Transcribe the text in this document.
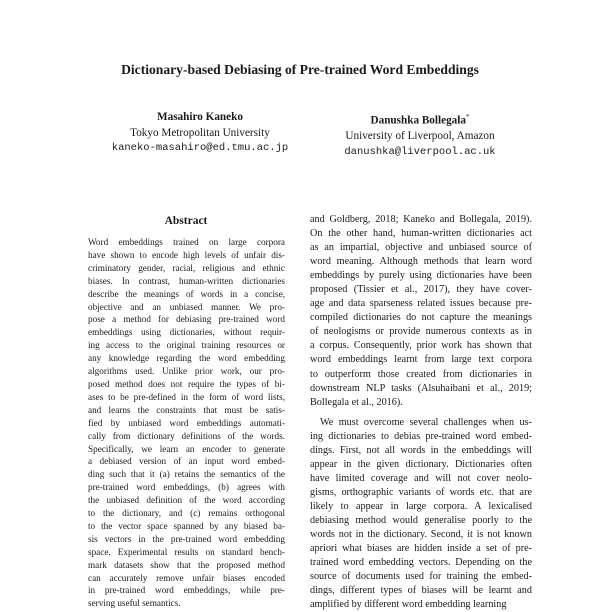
Dictionary-based Debiasing of Pre-trained Word Embeddings
Masahiro Kaneko
Tokyo Metropolitan University
kaneko-masahiro@ed.tmu.ac.jp
Danushka Bollegala*
University of Liverpool, Amazon
danushka@liverpool.ac.uk
Abstract
Word embeddings trained on large corpora
have shown to encode high levels of unfair dis-
criminatory gender, racial, religious and ethnic
biases. In contrast, human-written dictionaries
describe the meanings of words in a concise,
objective and an unbiased manner. We pro-
pose a method for debiasing pre-trained word
embeddings using dictionaries, without requir-
ing access to the original training resources or
any knowledge regarding the word embedding
algorithms used. Unlike prior work, our pro-
posed method does not require the types of bi-
ases to be pre-defined in the form of word lists,
and learns the constraints that must be satis-
fied by unbiased word embeddings automati-
cally from dictionary definitions of the words.
Specifically, we learn an encoder to generate
a debiased version of an input word embed-
ding such that it (a) retains the semantics of the
pre-trained word embeddings, (b) agrees with
the unbiased definition of the word according
to the dictionary, and (c) remains orthogonal
to the vector space spanned by any biased ba-
sis vectors in the pre-trained word embedding
space. Experimental results on standard bench-
mark datasets show that the proposed method
can accurately remove unfair biases encoded
in pre-trained word embeddings, while pre-
serving useful semantics.
and Goldberg, 2018; Kaneko and Bollegala, 2019).
On the other hand, human-written dictionaries act
as an impartial, objective and unbiased source of
word meaning. Although methods that learn word
embeddings by purely using dictionaries have been
proposed (Tissier et al., 2017), they have cover-
age and data sparseness related issues because pre-
compiled dictionaries do not capture the meanings
of neologisms or provide numerous contexts as in
a corpus. Consequently, prior work has shown that
word embeddings learnt from large text corpora
to outperform those created from dictionaries in
downstream NLP tasks (Alsuhaibani et al., 2019;
Bollegala et al., 2016).
We must overcome several challenges when us-
ing dictionaries to debias pre-trained word embed-
dings. First, not all words in the embeddings will
appear in the given dictionary. Dictionaries often
have limited coverage and will not cover neolo-
gisms, orthographic variants of words etc. that are
likely to appear in large corpora. A lexicalised
debiasing method would generalise poorly to the
words not in the dictionary. Second, it is not known
apriori what biases are hidden inside a set of pre-
trained word embedding vectors. Depending on the
source of documents used for training the embed-
dings, different types of biases will be learnt and
amplified by different word embedding learning
